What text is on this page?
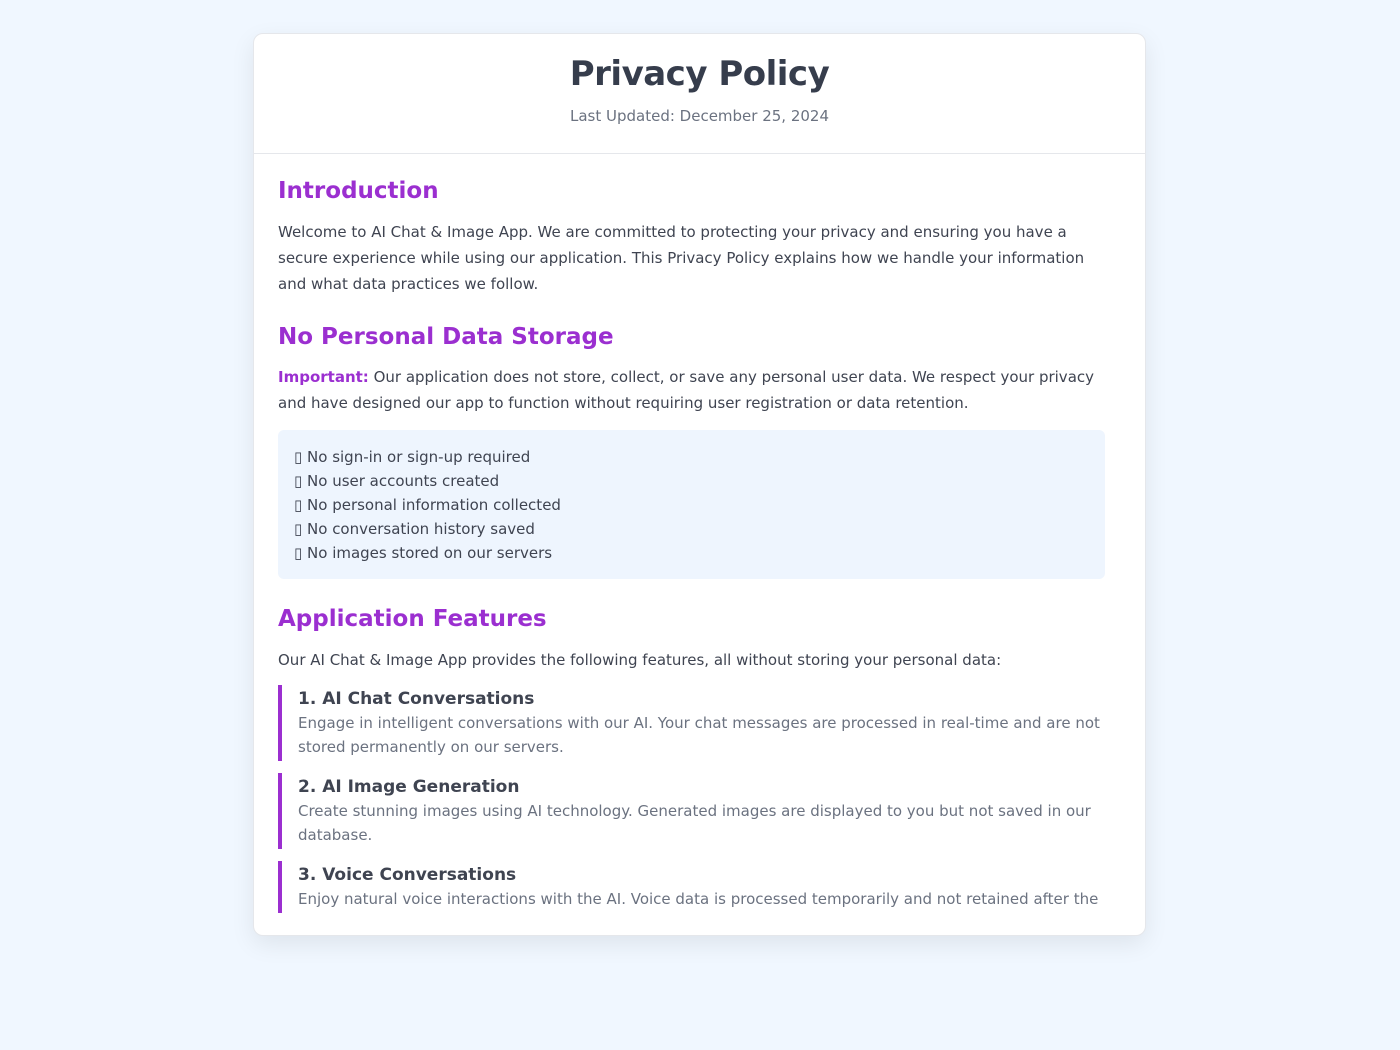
Privacy Policy
Last Updated: December 25, 2024
Introduction

Welcome to AI Chat & Image App. We are committed to protecting your privacy and ensuring you have a secure experience while using our application. This Privacy Policy explains how we handle your information and what data practices we follow.

No Personal Data Storage

Important: Our application does not store, collect, or save any personal user data. We respect your privacy and have designed our app to function without requiring user registration or data retention.

▯ No sign-in or sign-up required
▯ No user accounts created
▯ No personal information collected
▯ No conversation history saved
▯ No images stored on our servers
Application Features

Our AI Chat & Image App provides the following features, all without storing your personal data:

1. AI Chat Conversations
Engage in intelligent conversations with our AI. Your chat messages are processed in real-time and are not stored permanently on our servers.
2. AI Image Generation
Create stunning images using AI technology. Generated images are displayed to you but not saved in our database.
3. Voice Conversations
Enjoy natural voice interactions with the AI. Voice data is processed temporarily and not retained after the
